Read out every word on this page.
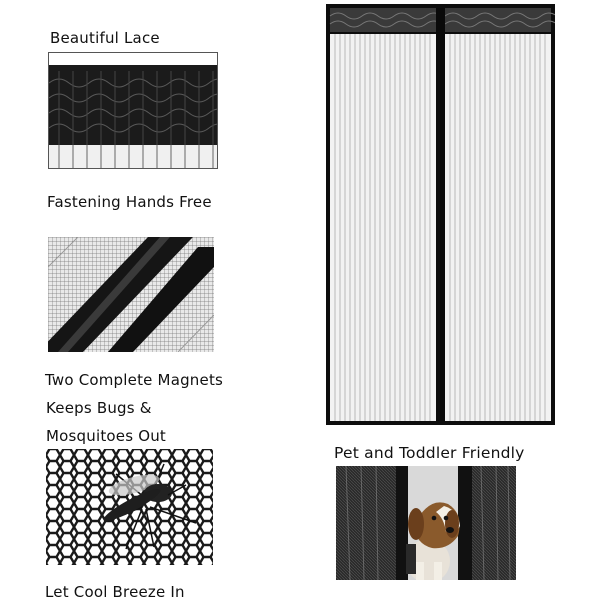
Beautiful Lace
Fastening Hands Free
Two Complete Magnets
Keeps Bugs &
Mosquitoes Out
Let Cool Breeze In
Pet and Toddler Friendly
